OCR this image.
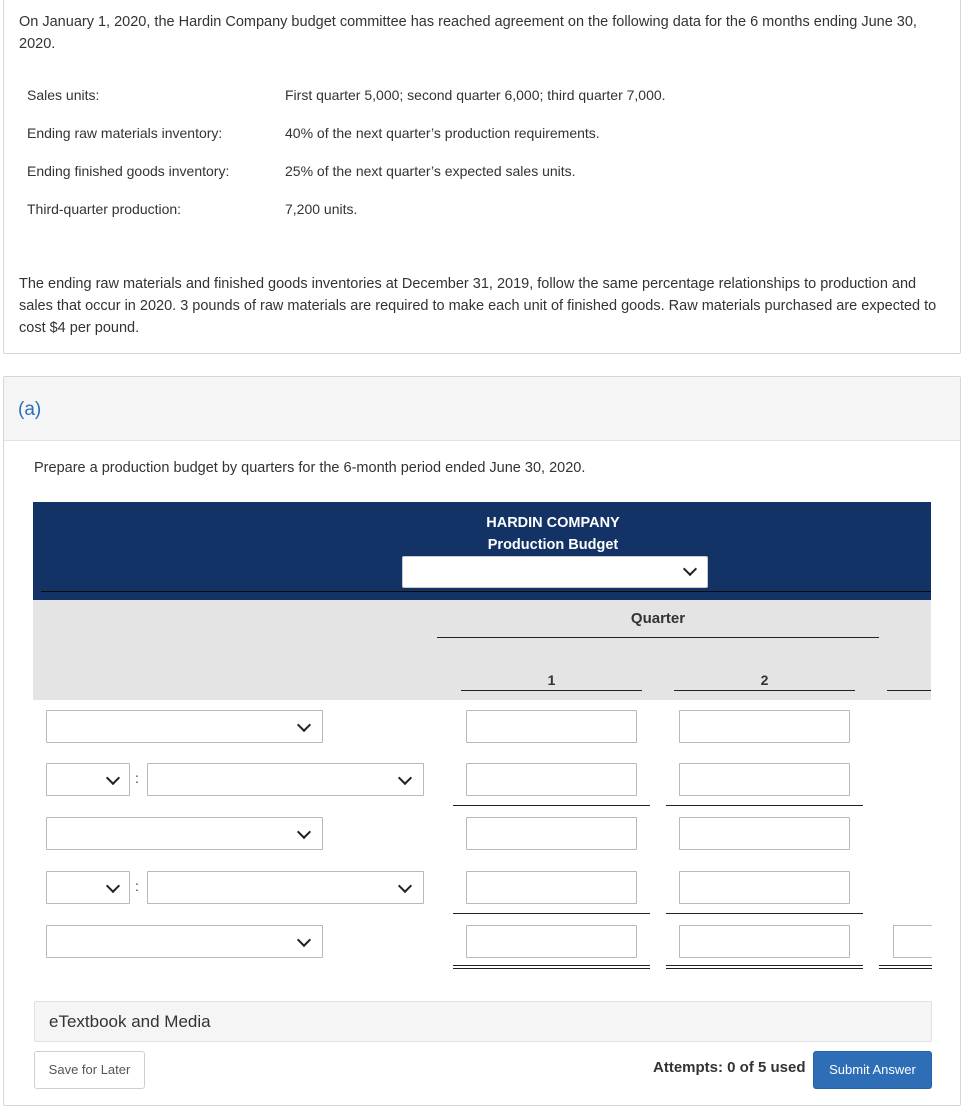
On January 1, 2020, the Hardin Company budget committee has reached agreement on the following data for the 6 months ending June 30, 2020.
Sales units:	First quarter 5,000; second quarter 6,000; third quarter 7,000.
Ending raw materials inventory:	40% of the next quarter’s production requirements.
Ending finished goods inventory:	25% of the next quarter’s expected sales units.
Third-quarter production:	7,200 units.
The ending raw materials and finished goods inventories at December 31, 2019, follow the same percentage relationships to production and sales that occur in 2020. 3 pounds of raw materials are required to make each unit of finished goods. Raw materials purchased are expected to cost $4 per pound.
(a)
Prepare a production budget by quarters for the 6-month period ended June 30, 2020.
HARDIN COMPANY
Production Budget
Quarter
1	2
:
:
eTextbook and Media
Save for Later	Attempts: 0 of 5 used	Submit Answer
